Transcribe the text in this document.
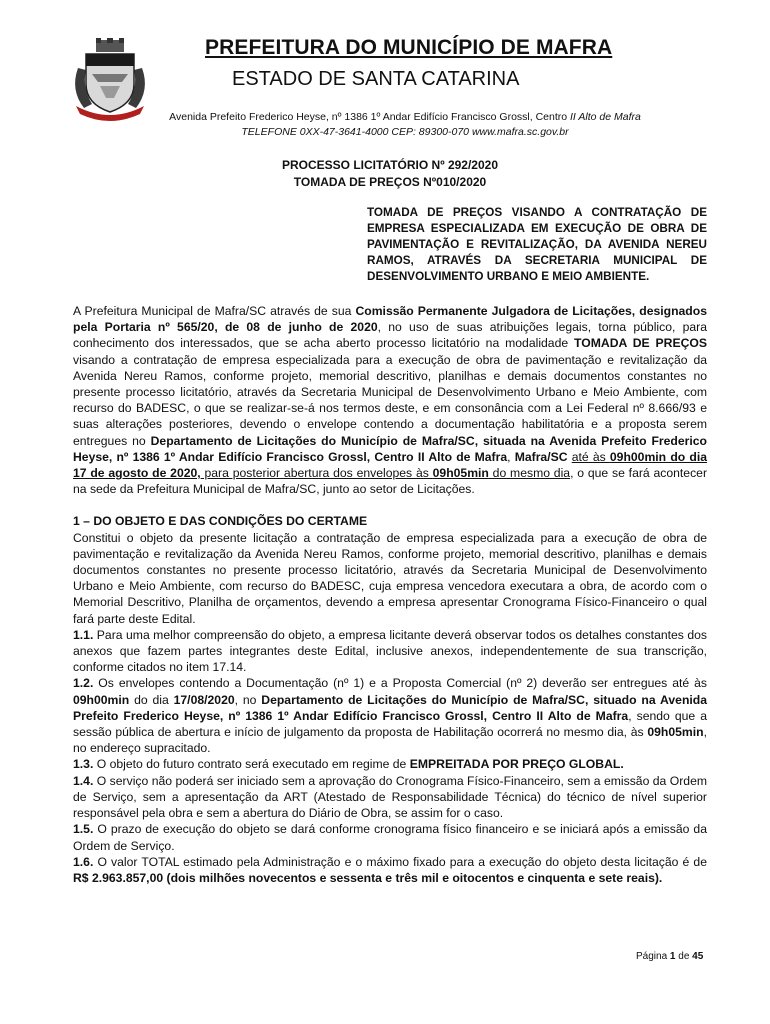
PREFEITURA DO MUNICÍPIO DE MAFRA
ESTADO DE SANTA CATARINA
Avenida Prefeito Frederico Heyse, nº 1386 1º Andar Edifício Francisco Grossl, Centro II Alto de Mafra
TELEFONE 0XX-47-3641-4000 CEP: 89300-070 www.mafra.sc.gov.br
PROCESSO LICITATÓRIO Nº 292/2020
TOMADA DE PREÇOS Nº010/2020
TOMADA DE PREÇOS VISANDO A CONTRATAÇÃO DE EMPRESA ESPECIALIZADA EM EXECUÇÃO DE OBRA DE PAVIMENTAÇÃO E REVITALIZAÇÃO, DA AVENIDA NEREU RAMOS, ATRAVÉS DA SECRETARIA MUNICIPAL DE DESENVOLVIMENTO URBANO E MEIO AMBIENTE.

A Prefeitura Municipal de Mafra/SC através de sua Comissão Permanente Julgadora de Licitações, designados pela Portaria nº 565/20, de 08 de junho de 2020, no uso de suas atribuições legais, torna público, para conhecimento dos interessados, que se acha aberto processo licitatório na modalidade TOMADA DE PREÇOS visando a contratação de empresa especializada para a execução de obra de pavimentação e revitalização da Avenida Nereu Ramos, conforme projeto, memorial descritivo, planilhas e demais documentos constantes no presente processo licitatório, através da Secretaria Municipal de Desenvolvimento Urbano e Meio Ambiente, com recurso do BADESC, o que se realizar-se-á nos termos deste, e em consonância com a Lei Federal nº 8.666/93 e suas alterações posteriores, devendo o envelope contendo a documentação habilitatória e a proposta serem entregues no Departamento de Licitações do Município de Mafra/SC, situada na Avenida Prefeito Frederico Heyse, nº 1386 1º Andar Edifício Francisco Grossl, Centro II Alto de Mafra, Mafra/SC até às 09h00min do dia 17 de agosto de 2020, para posterior abertura dos envelopes às 09h05min do mesmo dia, o que se fará acontecer na sede da Prefeitura Municipal de Mafra/SC, junto ao setor de Licitações.

1 – DO OBJETO E DAS CONDIÇÕES DO CERTAME

Constitui o objeto da presente licitação a contratação de empresa especializada para a execução de obra de pavimentação e revitalização da Avenida Nereu Ramos, conforme projeto, memorial descritivo, planilhas e demais documentos constantes no presente processo licitatório, através da Secretaria Municipal de Desenvolvimento Urbano e Meio Ambiente, com recurso do BADESC, cuja empresa vencedora executara a obra, de acordo com o Memorial Descritivo, Planilha de orçamentos, devendo a empresa apresentar Cronograma Físico-Financeiro o qual fará parte deste Edital.

1.1. Para uma melhor compreensão do objeto, a empresa licitante deverá observar todos os detalhes constantes dos anexos que fazem partes integrantes deste Edital, inclusive anexos, independentemente de sua transcrição, conforme citados no item 17.14.

1.2. Os envelopes contendo a Documentação (nº 1) e a Proposta Comercial (nº 2) deverão ser entregues até às 09h00min do dia 17/08/2020, no Departamento de Licitações do Município de Mafra/SC, situado na Avenida Prefeito Frederico Heyse, nº 1386 1º Andar Edifício Francisco Grossl, Centro II Alto de Mafra, sendo que a sessão pública de abertura e início de julgamento da proposta de Habilitação ocorrerá no mesmo dia, às 09h05min, no endereço supracitado.

1.3. O objeto do futuro contrato será executado em regime de EMPREITADA POR PREÇO GLOBAL.

1.4. O serviço não poderá ser iniciado sem a aprovação do Cronograma Físico-Financeiro, sem a emissão da Ordem de Serviço, sem a apresentação da ART (Atestado de Responsabilidade Técnica) do técnico de nível superior responsável pela obra e sem a abertura do Diário de Obra, se assim for o caso.

1.5. O prazo de execução do objeto se dará conforme cronograma físico financeiro e se iniciará após a emissão da Ordem de Serviço.

1.6. O valor TOTAL estimado pela Administração e o máximo fixado para a execução do objeto desta licitação é de R$ 2.963.857,00 (dois milhões novecentos e sessenta e três mil e oitocentos e cinquenta e sete reais).

Página 1 de 45
